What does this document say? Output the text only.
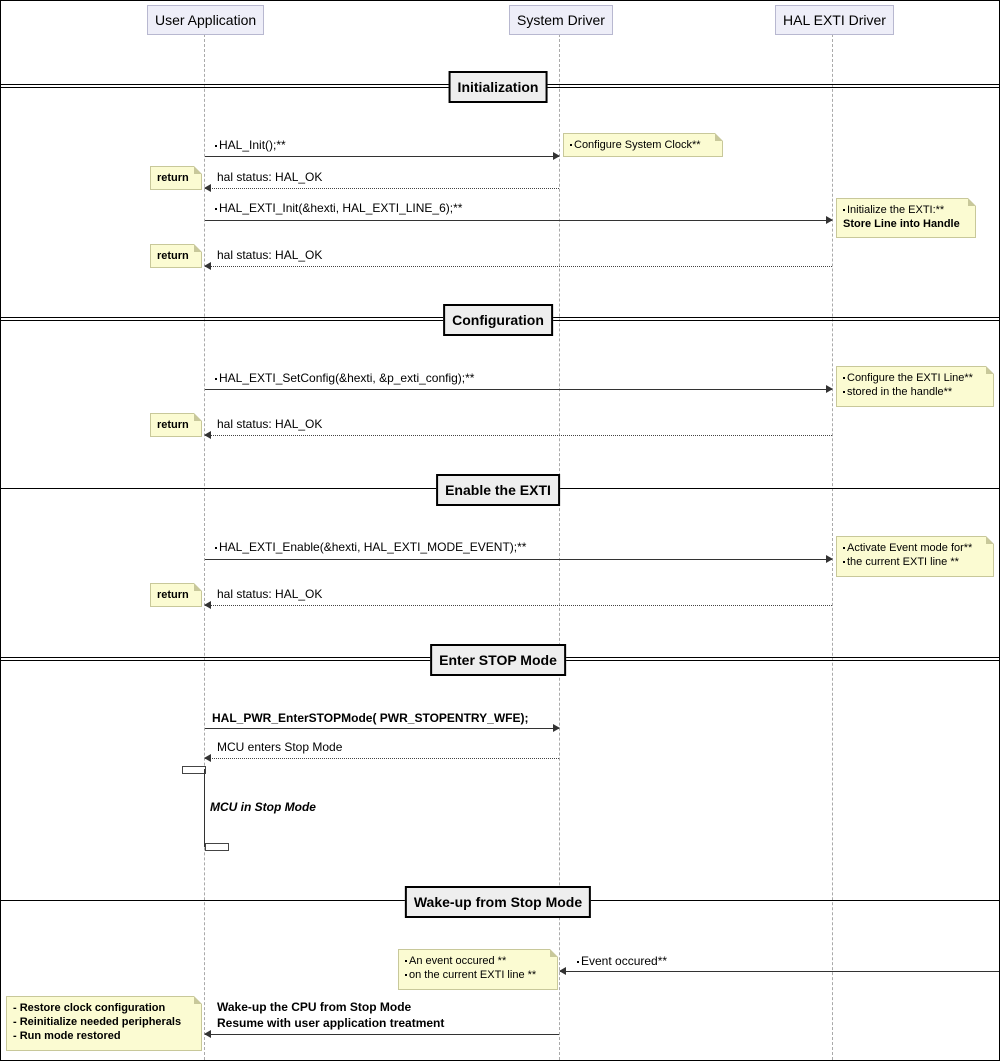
User Application	System Driver	HAL EXTI Driver
Initialization
HAL_Init();**	Configure System Clock**
return	hal status: HAL_OK
HAL_EXTI_Init(&hexti, HAL_EXTI_LINE_6);**	Initialize the EXTI:**
Store Line into Handle
return	hal status: HAL_OK
Configuration
HAL_EXTI_SetConfig(&hexti, &p_exti_config);**	Configure the EXTI Line**
stored in the handle**
return	hal status: HAL_OK
Enable the EXTI
HAL_EXTI_Enable(&hexti, HAL_EXTI_MODE_EVENT);**	Activate Event mode for**
the current EXTI line **
return	hal status: HAL_OK
Enter STOP Mode
HAL_PWR_EnterSTOPMode( PWR_STOPENTRY_WFE);
MCU enters Stop Mode
MCU in Stop Mode
Wake-up from Stop Mode
An event occured **
on the current EXTI line **
Event occured**
- Restore clock configuration
- Reinitialize needed peripherals
- Run mode restored
Wake-up the CPU from Stop Mode
Resume with user application treatment
